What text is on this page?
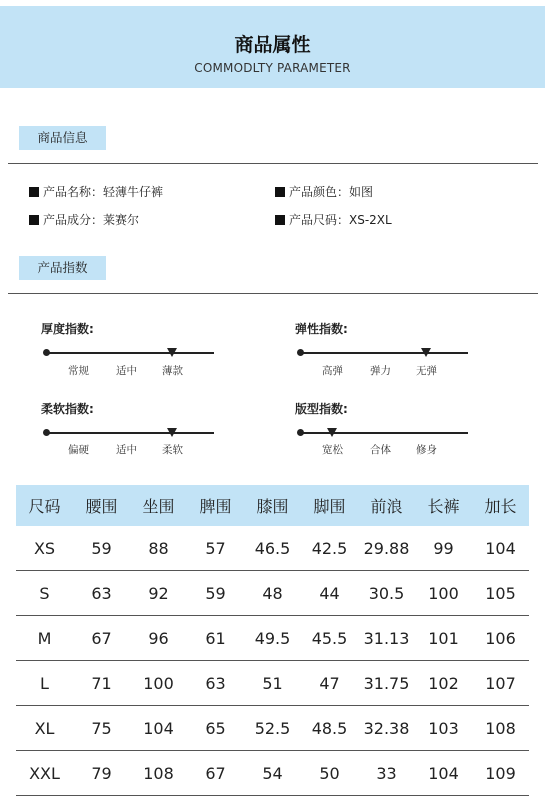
商品属性
COMMODLTY PARAMETER
商品信息
产品名称：轻薄牛仔裤	产品颜色：如图
产品成分：莱赛尔	产品尺码：XS-2XL
产品指数
厚度指数:
常规	适中 薄款
弹性指数:
高弹	弹力 无弹
柔软指数:
偏硬	适中 柔软
版型指数:
宽松	合体 修身
尺码	腰围	坐围	脾围	膝围	脚围	前浪	长裤	加长
XS	59	88	57	46.5	42.5	29.88	99	104
S	63	92	59	48	44	30.5	100	105
M	67	96	61	49.5	45.5	31.13	101	106
L	71	100	63	51	47	31.75	102	107
XL	75	104	65	52.5	48.5	32.38	103	108
XXL	79	108	67	54	50	33	104	109
